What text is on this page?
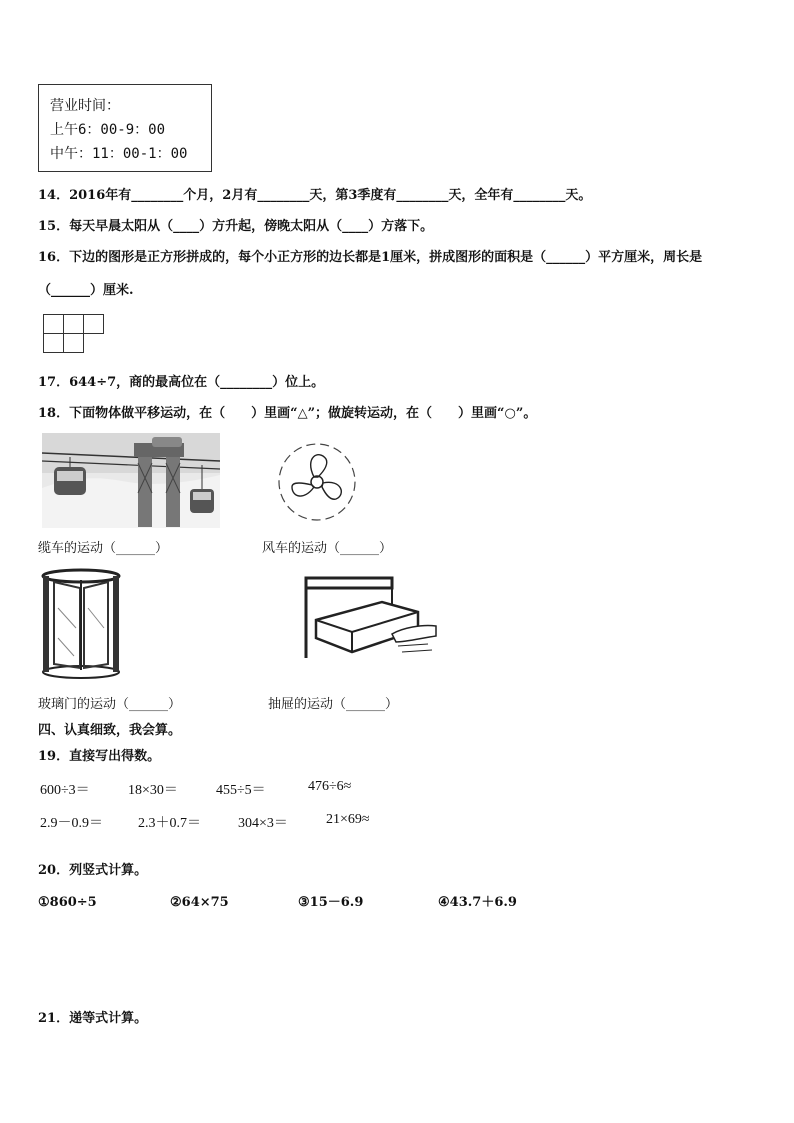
营业时间：
上午6：00-9：00
中午：11：00-1：00
14．2016年有________个月，2月有________天，第3季度有________天，全年有________天。
15．每天早晨太阳从（____）方升起，傍晚太阳从（____）方落下。
16．下边的图形是正方形拼成的，每个小正方形的边长都是1厘米，拼成图形的面积是（______）平方厘米，周长是
（______）厘米.
17．644÷7，商的最高位在（________）位上。
18．下面物体做平移运动，在（　　）里画“△”；做旋转运动，在（　　）里画“○”。
缆车的运动（______）	风车的运动（______）
玻璃门的运动（______）	抽屉的运动（______）
四、认真细致，我会算。
19．直接写出得数。
600÷3＝	18×30＝	455÷5＝	476÷6≈
2.9－0.9＝	2.3＋0.7＝	304×3＝	21×69≈
20．列竖式计算。
①860÷5	②64×75	③15－6.9	④43.7＋6.9
21．递等式计算。
